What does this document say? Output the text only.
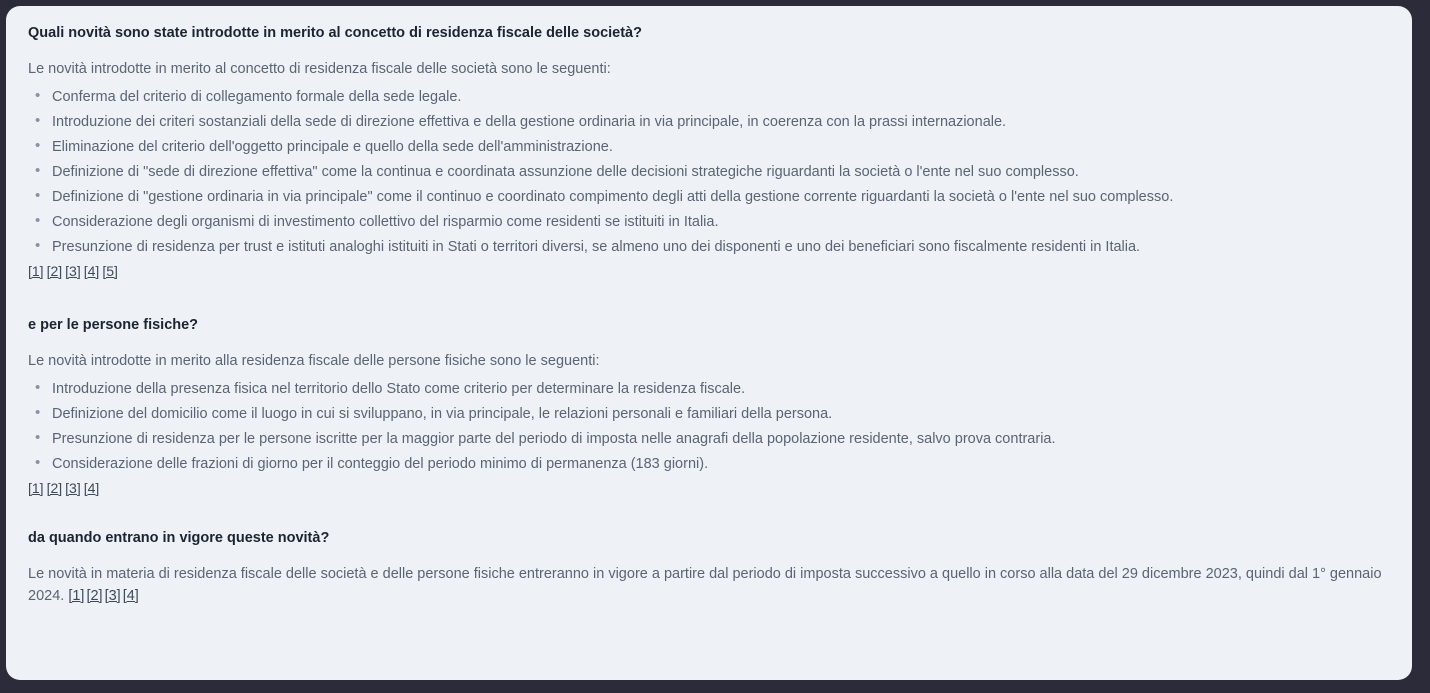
Quali novità sono state introdotte in merito al concetto di residenza fiscale delle società?

Le novità introdotte in merito al concetto di residenza fiscale delle società sono le seguenti:

• Conferma del criterio di collegamento formale della sede legale.
• Introduzione dei criteri sostanziali della sede di direzione effettiva e della gestione ordinaria in via principale, in coerenza con la prassi internazionale.
• Eliminazione del criterio dell'oggetto principale e quello della sede dell'amministrazione.
• Definizione di "sede di direzione effettiva" come la continua e coordinata assunzione delle decisioni strategiche riguardanti la società o l'ente nel suo complesso.
• Definizione di "gestione ordinaria in via principale" come il continuo e coordinato compimento degli atti della gestione corrente riguardanti la società o l'ente nel suo complesso.
• Considerazione degli organismi di investimento collettivo del risparmio come residenti se istituiti in Italia.
• Presunzione di residenza per trust e istituti analoghi istituiti in Stati o territori diversi, se almeno uno dei disponenti e uno dei beneficiari sono fiscalmente residenti in Italia.

[1] [2] [3] [4] [5]

e per le persone fisiche?

Le novità introdotte in merito alla residenza fiscale delle persone fisiche sono le seguenti:

• Introduzione della presenza fisica nel territorio dello Stato come criterio per determinare la residenza fiscale.
• Definizione del domicilio come il luogo in cui si sviluppano, in via principale, le relazioni personali e familiari della persona.
• Presunzione di residenza per le persone iscritte per la maggior parte del periodo di imposta nelle anagrafi della popolazione residente, salvo prova contraria.
• Considerazione delle frazioni di giorno per il conteggio del periodo minimo di permanenza (183 giorni).

[1] [2] [3] [4]

da quando entrano in vigore queste novità?

Le novità in materia di residenza fiscale delle società e delle persone fisiche entreranno in vigore a partire dal periodo di imposta successivo a quello in corso alla data del 29 dicembre 2023, quindi dal 1° gennaio 2024. [1] [2] [3] [4]
